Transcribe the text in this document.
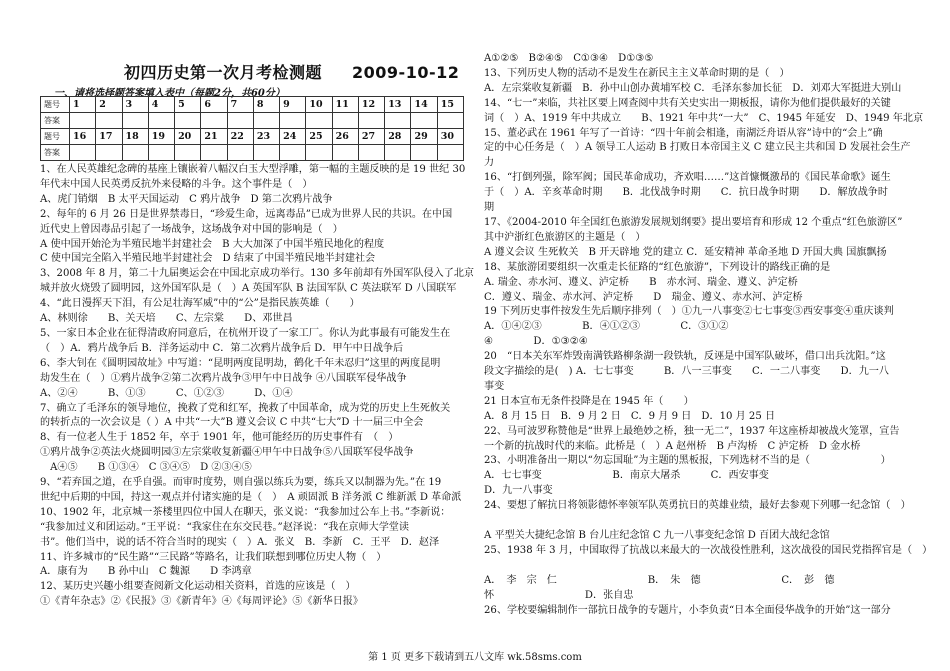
初四历史第一次月考检测题 2009-10-12
一、请将选择题答案填入表中（每题2分，共60分）
题号	1	2	3	4	5	6	7	8	9	10	11	12	13	14	15
答案															
题号	16	17	18	19	20	21	22	23	24	25	26	27	28	29	30
答案															
1、在人民英雄纪念碑的基座上镶嵌着八幅汉白玉大型浮雕，第一幅的主题反映的是 19 世纪 30
年代末中国人民英勇反抗外来侵略的斗争。这个事件是（　）
A、虎门销烟　B 太平天国运动　C 鸦片战争　D 第二次鸦片战争
2、每年的 6 月 26 日是世界禁毒日，“珍爱生命，远离毒品”已成为世界人民的共识。在中国
近代史上曾因毒品引起了一场战争，这场战争对中国的影响是（　）
A 使中国开始沦为半殖民地半封建社会　B 大大加深了中国半殖民地化的程度
C 使中国完全陷入半殖民地半封建社会　D 结束了中国半殖民地半封建社会
3、2008 年 8 月，第二十九届奥运会在中国北京成功举行。130 多年前却有外国军队侵入了北京
城并放火烧毁了圆明园，这外国军队是（　）A 英国军队 B 法国军队 C 英法联军 D 八国联军
4、“此日漫挥天下泪，有公足壮海军威”中的“公”是指民族英雄（　　）
A、林则徐　　B、关天培　　C、左宗棠　　D、邓世昌
5、一家日本企业在征得清政府同意后，在杭州开设了一家工厂。你认为此事最有可能发生在
（　）A．鸦片战争后 B．洋务运动中 C．第二次鸦片战争后 D．甲午中日战争后
6、李大钊在《圆明园故址》中写道：“昆明两度昆明劫，鹤化千年未忍归”这里的两度昆明
劫发生在（　）①鸦片战争②第二次鸦片战争③甲午中日战争 ④八国联军侵华战争
A、②④　　　B、①③　　　C、①②③　　　D、①④
7、确立了毛泽东的领导地位，挽救了党和红军，挽救了中国革命，成为党的历史上生死攸关
的转折点的一次会议是（ ）A 中共“一大”B 遵义会议 C 中共“七大”D 十一届三中全会
8、有一位老人生于 1852 年，卒于 1901 年，他可能经历的历史事件有　（　）
①鸦片战争②英法火烧圆明园③左宗棠收复新疆④甲午中日战争⑤八国联军侵华战争
　A④⑤　　B ①③④　C ③④⑤　D ②③④⑤
9、“若弃国之道，在乎自强。而审时度势，则自强以练兵为要，练兵又以制器为先。”在 19
世纪中后期的中国，持这一观点并付诸实施的是（　）　A 顽固派 B 洋务派 C 维新派 D 革命派
10、1902 年，北京城一茶楼里四位中国人在聊天，张义说：“我参加过公车上书。”李新说：
“我参加过义和团运动。”王平说：“我家住在东交民巷。”赵泽说：“我在京师大学堂读
书”。他们当中，说的话不符合当时的现实（　）A．张义　B．李新　C．王平　D．赵泽
11、许多城市的“民生路”“三民路”等路名，让我们联想到哪位历史人物（　）
A．康有为　　B 孙中山　C 魏源　　D 李鸿章
12、某历史兴趣小组要查阅新文化运动相关资料，首选的应该是（　）
①《青年杂志》②《民报》③《新青年》④《每周评论》⑤《新华日报》
A①②⑤　B②④⑤　C①③④　D①③⑤
13、下列历史人物的活动不是发生在新民主主义革命时期的是（　）
A．左宗棠收复新疆　B．孙中山创办黄埔军校 C．毛泽东参加长征　D．刘邓大军挺进大别山
14、“七一”来临，共社区要上网查阅中共有关史实出一期板报，请你为他们提供最好的关键
词（　）A、1919 年中共成立　　B、1921 年中共“一大”　C、1945 年延安　D、1949 年北京
15、董必武在 1961 年写了一首诗：“四十年前会相逢，南湖泛舟语从容”诗中的“会上”确
定的中心任务是（　）A 领导工人运动 B 打败日本帝国主义 C 建立民主共和国 D 发展社会生产
力
16、“打倒列强，除军阀；国民革命成功，齐欢唱……”这首慷慨激昂的《国民革命歌》诞生
于（　）A．辛亥革命时期　　B．北伐战争时期　　C．抗日战争时期　　D．解放战争时
期
17、《2004-2010 年全国红色旅游发展规划纲要》提出要培育和形成 12 个重点“红色旅游区”
其中沪浙红色旅游区的主题是（　）
A 遵义会议 生死攸关　B 开天辟地 党的建立 C．延安精神 革命圣地 D 开国大典 国旗飘扬
18、某旅游团要组织一次重走长征路的“红色旅游”，下列设计的路线正确的是
A. 瑞金、赤水河、遵义、泸定桥　　B　赤水河、瑞金、遵义、泸定桥
C．遵义、瑞金、赤水河、泸定桥　　D　瑞金、遵义、赤水河、泸定桥
19 下列历史事件按发生先后顺序排列（　）①九一八事变②七七事变③西安事变④重庆谈判
A．①④②③　　　　B．④①②③　　　　C．③①②
④　　　　D．①③②④
20　“日本关东军炸毁南满铁路柳条湖一段铁轨，反诬是中国军队破坏，借口出兵沈阳。”这
段文字描绘的是(　) A．七七事变　　　B．八一三事变　　C．一二八事变　　D．九一八
事变
21 日本宣布无条件投降是在 1945 年（　　）
A．8 月 15 日　B．9 月 2 日　C．9 月 9 日　D．10 月 25 日
22、马可波罗称赞他是“世界上最绝妙之桥，独一无二”，1937 年这座桥却被战火笼罩，宣告
一个新的抗战时代的来临。此桥是（　）A 赵州桥　B 卢沟桥　C 泸定桥　D 金水桥
23、小明准备出一期以“勿忘国耻”为主题的黑板报，下列选材不当的是（　　　　　　　）
A．七七事变　　　　　　　B．南京大屠杀　　　C．西安事变
D．九一八事变
24、要想了解抗日将领影德怀率领军队英勇抗日的英雄业绩，最好去参观下列哪一纪念馆（　）
A 平型关大捷纪念馆 B 台儿庄纪念馆 C 九一八事变纪念馆 D 百团大战纪念馆
25、1938 年 3 月，中国取得了抗战以来最大的一次战役性胜利，这次战役的国民党指挥官是（　）
A．　李　宗　仁　　　　　　　　　B．　朱　德　　　　　　　　C．　彭　德
怀　　　　　　　　　D．张自忠
26、学校要编辑制作一部抗日战争的专题片，小李负责“日本全面侵华战争的开始”这一部分
第 1 页 更多下载请到五八文库 wk.58sms.com
